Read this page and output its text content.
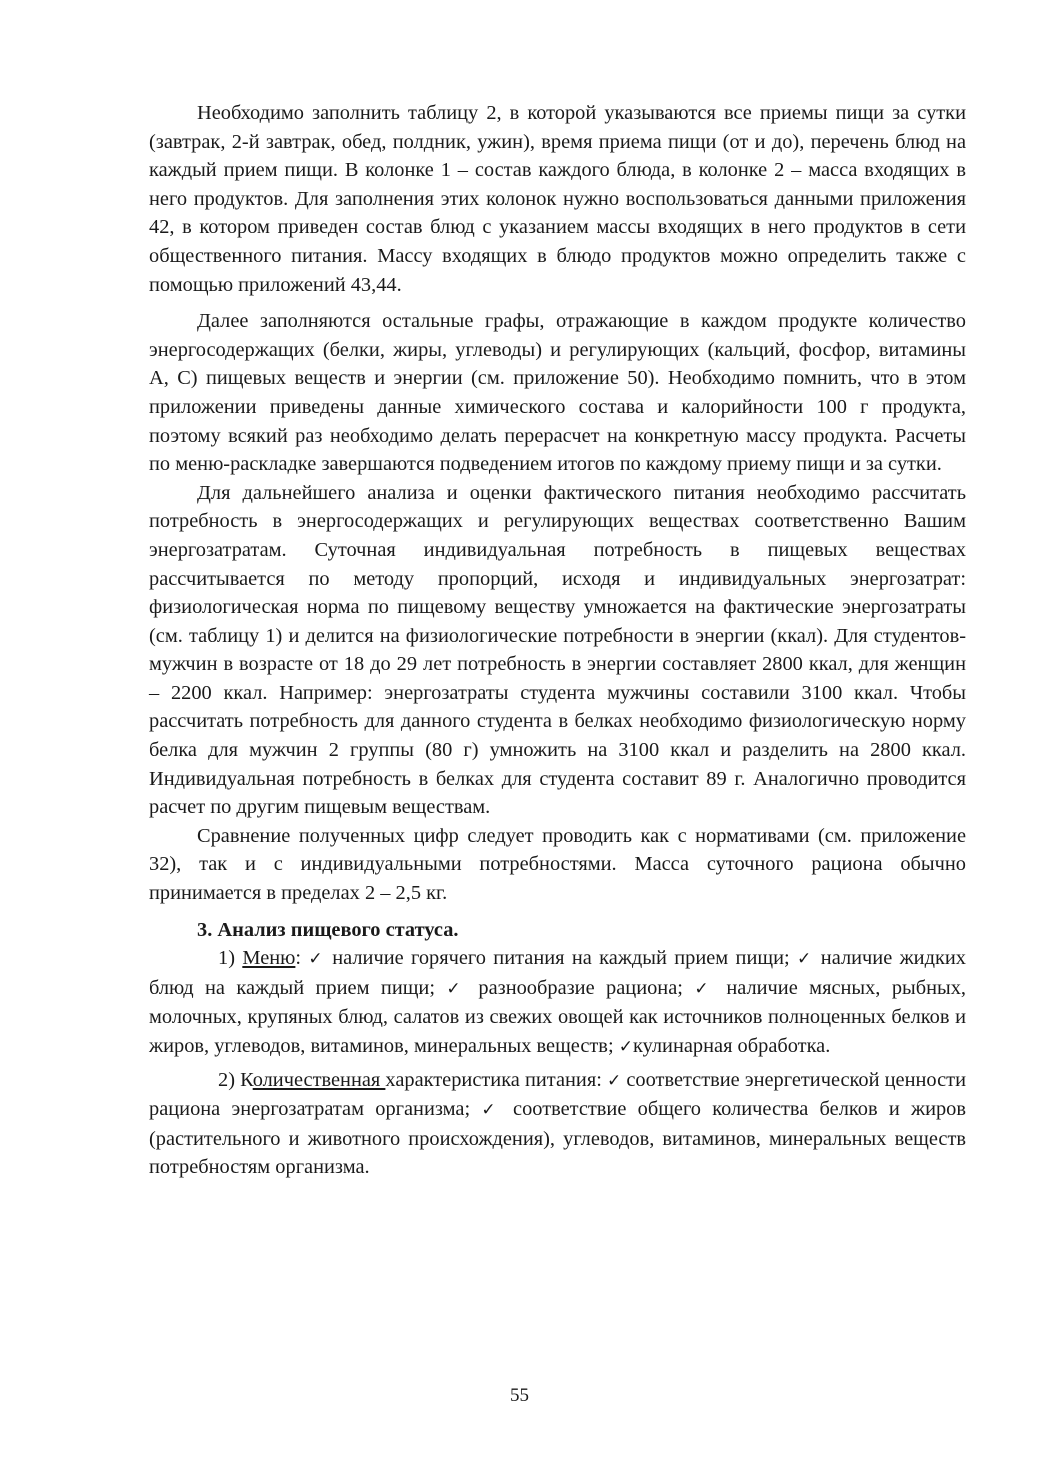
Необходимо заполнить таблицу 2, в которой указываются все приемы пищи за сутки (завтрак, 2-й завтрак, обед, полдник, ужин), время приема пищи (от и до), перечень блюд на каждый прием пищи. В колонке 1 – состав каждого блюда, в колонке 2 – масса входящих в него продуктов. Для заполнения этих колонок нужно воспользоваться данными приложения 42, в котором приведен состав блюд с указанием массы входящих в него продуктов в сети общественного питания. Массу входящих в блюдо продуктов можно определить также с помощью приложений 43,44.

Далее заполняются остальные графы, отражающие в каждом продукте количество энергосодержащих (белки, жиры, углеводы) и регулирующих (кальций, фосфор, витамины А, С) пищевых веществ и энергии (см. приложение 50). Необходимо помнить, что в этом приложении приведены данные химического состава и калорийности 100 г продукта, поэтому всякий раз необходимо делать перерасчет на конкретную массу продукта. Расчеты по меню-раскладке завершаются подведением итогов по каждому приему пищи и за сутки.

Для дальнейшего анализа и оценки фактического питания необходимо рассчитать потребность в энергосодержащих и регулирующих веществах соответственно Вашим энергозатратам. Суточная индивидуальная потребность в пищевых веществах рассчитывается по методу пропорций, исходя и индивидуальных энергозатрат: физиологическая норма по пищевому веществу умножается на фактические энергозатраты (см. таблицу 1) и делится на физиологические потребности в энергии (ккал). Для студентов-мужчин в возрасте от 18 до 29 лет потребность в энергии составляет 2800 ккал, для женщин – 2200 ккал. Например: энергозатраты студента мужчины составили 3100 ккал. Чтобы рассчитать потребность для данного студента в белках необходимо физиологическую норму белка для мужчин 2 группы (80 г) умножить на 3100 ккал и разделить на 2800 ккал. Индивидуальная потребность в белках для студента составит 89 г. Аналогично проводится расчет по другим пищевым веществам.

Сравнение полученных цифр следует проводить как с нормативами (см. приложение 32), так и с индивидуальными потребностями. Масса суточного рациона обычно принимается в пределах 2 – 2,5 кг.

3. Анализ пищевого статуса.

1) Меню: ✓ наличие горячего питания на каждый прием пищи; ✓ наличие жидких блюд на каждый прием пищи; ✓ разнообразие рациона; ✓ наличие мясных, рыбных, молочных, крупяных блюд, салатов из свежих овощей как источников полноценных белков и жиров, углеводов, витаминов, минеральных веществ; ✓кулинарная обработка.

2) Количественная характеристика питания: ✓ соответствие энергетической ценности рациона энергозатратам организма; ✓ соответствие общего количества белков и жиров (растительного и животного происхождения), углеводов, витаминов, минеральных веществ потребностям организма.

55
